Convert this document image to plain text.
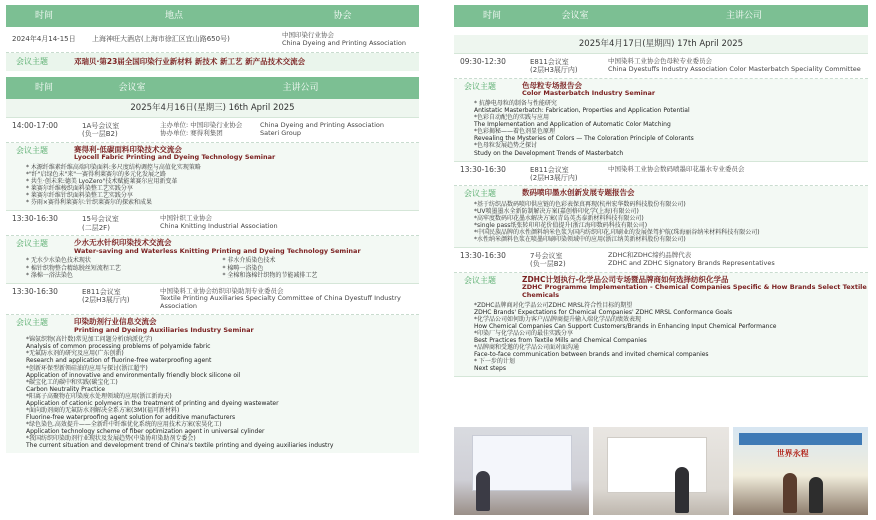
时间	地点	协会
2024年4月14-15日	上海神旺大酒店(上海市徐汇区宜山路650号)
中国印染行业协会
China Dyeing and Printing Association
会议主题	邓瑞贝·第23届全国印染行业新材料 新技术 新工艺 新产品技术交流会
时间	会议室	主讲公司
2025年4月16日(星期三) 16th April 2025
14:00-17:00	1A号会议室
(负一层B2)
主办单位: 中国印染行业协会
协办单位: 赛得利集团
China Dyeing and Printing Association
Sateri Group
会议主题	赛得利·低碳面料印染技术交流会
Lyocell Fabric Printing and Dyeing Technology Seminar
* 木源纤维素纤维高端印染面料:多尺度结构调控与高值化实现策略
*"纤"启绿色未"来"一赛得利莱赛尔的多元化发展之路
* 共生·创未来:德美 LyoZero"技术赋能莱赛尔应用新变革
* 莱赛尔纤维梭织面料染整工艺实践分享
* 莱赛尔纤维针织面料染整工艺实践分享
* 芬雨×赛得利莱赛尔:针织莱赛尔的探索和成果
13:30-16:30	15号会议室
(二层2F)
中国针织工业协会
China Knitting Industrial Association
会议主题	少水无水针织印染技术交流会
Water-saving and Waterless Knitting Printing and Dyeing Technology Seminar
* 无水少水染色技术现状
* 棉针织物整合精练脱丝短流程工艺
* 涤棉一浴法染色
* 非水介质染色技术
* 棉畴一浴染色
* 全棉和涤棉针织物的节能减排工艺
13:30-16:30	E811会议室
(2层H3展厅内)
中国染料工业协会纺织印染助剂专业委员会
Textile Printing Auxiliaries Specialty Committee of China Dyestuff Industry Association
会议主题	印染助剂行业信息交流会
Printing and Dyeing Auxiliaries Industry Seminar
*锦氨织物(高针数)常见加工问题分析(纳派化学)
Analysis of common processing problems of polyamide fabric
*无氟防水剂的研究及应用(广东创新)
Research and application of fluorine-free waterproofing agent
*创新环保型新领硅油的应用与探讨(浙江超宇)
Application of innovative and environmentally friendly block silicone oil
*碳宝化工的碳中和实践(碳宝化工)
Carbon Neutrality Practice
*阳离子高聚物在印染废水处理领域的应用(浙江新海天)
Application of cationic polymers in the treatment of printing and dyeing wastewater
*面向助剂商的无氟防水剂解决全系方案(3M)(福可新材料)
Fluorine-free waterproofing agent solution for additive manufacturers
*绿色染色.高效提升——全新纤中纤维优化系统的应用技术方案(宏昊化工)
Application technology scheme of fiber optimization agent in universal cylinder
*我国纺织印染助剂行业现状及发展趋势(中染协印染助剂专委会)
The current situation and development trend of China's textile printing and dyeing auxiliaries industry
时间	会议室	主讲公司
2025年4月17日(星期四) 17th April 2025
09:30-12:30	E811会议室
(2层H3展厅内)
中国染料工业协会色母粒专业委员会
China Dyestuffs Industry Association Color Masterbatch Speciality Committee
会议主题	色母粒专场报告会
Color Masterbatch Industry Seminar
* 抗静电母粒的制备与性能研究
Antistatic Masterbatch: Fabrication, Properties and Application Potential
*色彩自动配色的实践与应用
The Implementation and Application of Automatic Color Matching
*色彩揭秘——着色剂显色原理
Revealing the Mysteries of Colors — The Coloration Principle of Colorants
*色母粒发展趋势之探讨
Study on the Development Trends of Masterbatch
13:30-16:30	E811会议室
(2层H3展厅内)
中国染料工业协会数码喷墨印花墨水专业委员会
会议主题	数码喷印墨水创新发展专题报告会
*基于纺织品数码喷印供应链的色彩表保真再现(杭州宏华数码科技股份有限公司)
*UV喷墨墨水全新防制解决方案(嘉创格印化学(上海)有限公司)
*高牢度数码印花墨水解决方案(青岛英杰泰新材料科技有限公司)
*single pass纸张转印印花价值提升(浙江海印数码科技有限公司)
*中国民族品牌的水性颜料纳米色浆为国内纺织印花,印刷业的发展保驾护航(珠海丽谷纳米材料科技有限公司)
*水性纳米颜料色浆在喷墨印刷印染领域中的应用(浙江纳美新材料股份有限公司)
13:30-16:30	7号会议室
(负一层B2)
ZDHC和ZDHC缔约品牌代表
ZDHC and ZDHC Signatory Brands Representatives
会议主题	ZDHC计划执行-化学品公司专场暨品牌商如何选择纺织化学品
ZDHC Programme Implementation - Chemical Companies Specific & How Brands Select Textile Chemicals
*ZDHC品牌商对化学品公司ZDHC MRSL符合性目标的期望
ZDHC Brands' Expectations for Chemical Companies' ZDHC MRSL Conformance Goals
*化学品公司如何助力客户/品牌商提升输入端化学品的绩效表现
How Chemical Companies Can Support Customers/Brands in Enhancing Input Chemical Performance
*印染厂与化学品公司的最佳实践分享
Best Practices from Textile Mills and Chemical Companies
*品牌商和受邀的化学品公司面对面沟通
Face-to-face communication between brands and invited chemical companies
* 下一步的计划
Next steps
世界永程
